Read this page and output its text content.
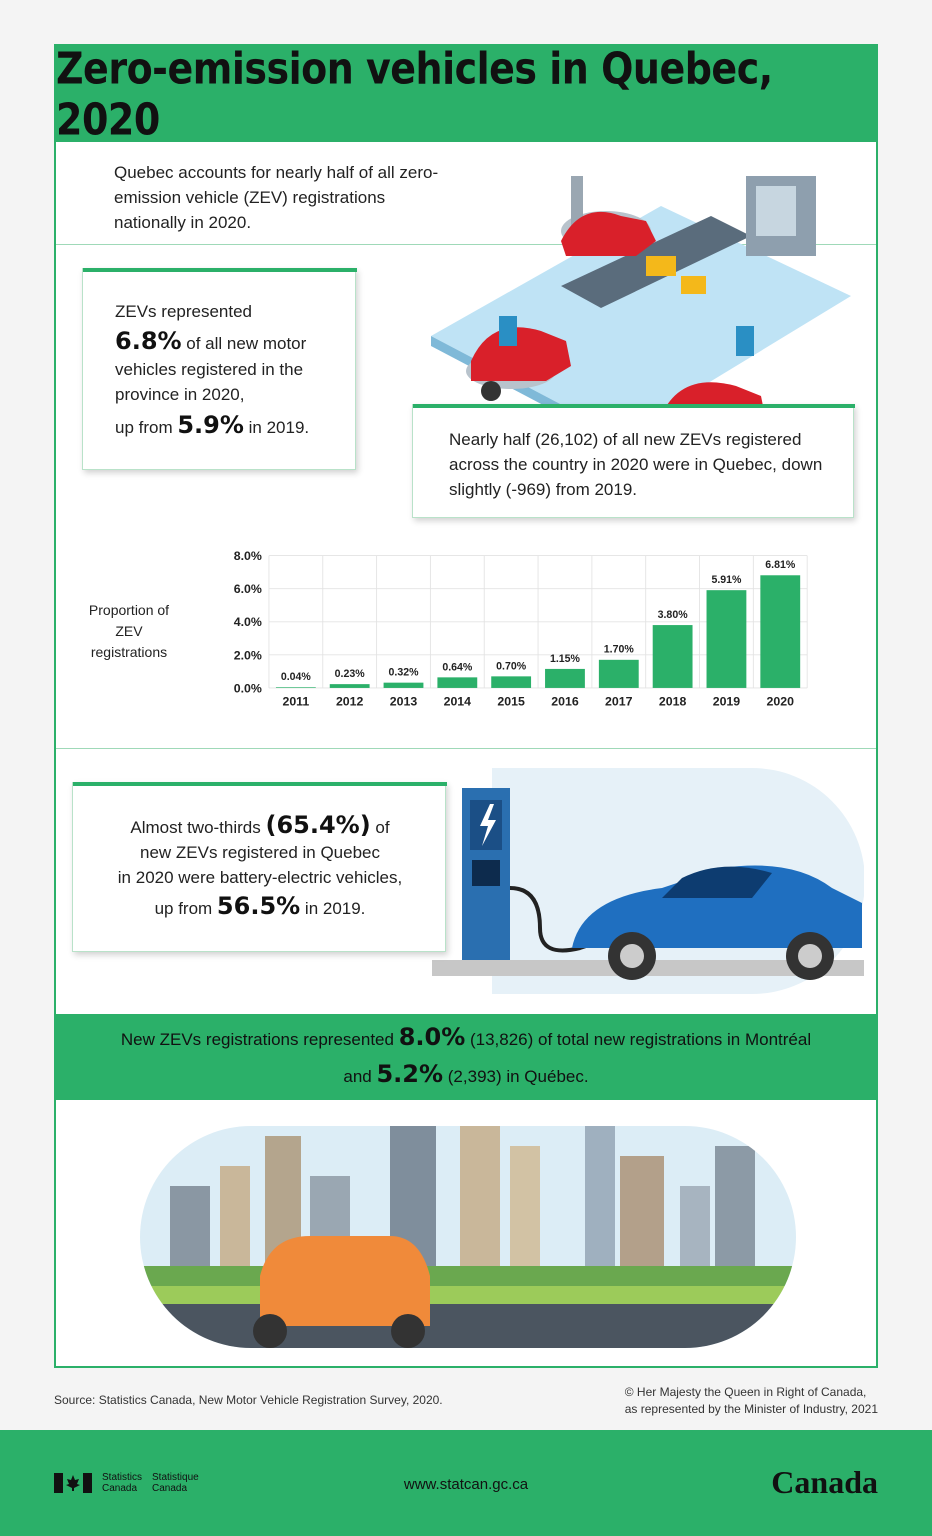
Zero-emission vehicles in Quebec, 2020

Quebec accounts for nearly half of all zero-emission vehicle (ZEV) registrations nationally in 2020.

ZEVs represented

6.8% of all new motor

vehicles registered in the

province in 2020,

up from 5.9% in 2019.

Nearly half (26,102) of all new ZEVs registered across the country in 2020 were in Quebec, down slightly (-969) from 2019.

Proportion of ZEV registrations
0.0%
2.0%
4.0%
6.0%
8.0%
0.04%
2011
0.23%
2012
0.32%
2013
0.64%
2014
0.70%
2015
1.15%
2016
1.70%
2017
3.80%
2018
5.91%
2019
6.81%
2020

Almost two-thirds (65.4%) of

new ZEVs registered in Quebec

in 2020 were battery-electric vehicles,

up from 56.5% in 2019.

New ZEVs registrations represented 8.0% (13,826) of total new registrations in Montréal

and 5.2% (2,393) in Québec.

Source: Statistics Canada, New Motor Vehicle Registration Survey, 2020.
© Her Majesty the Queen in Right of Canada,
as represented by the Minister of Industry, 2021
Statistics
Canada
Statistique
Canada	www.statcan.gc.ca	Canada
